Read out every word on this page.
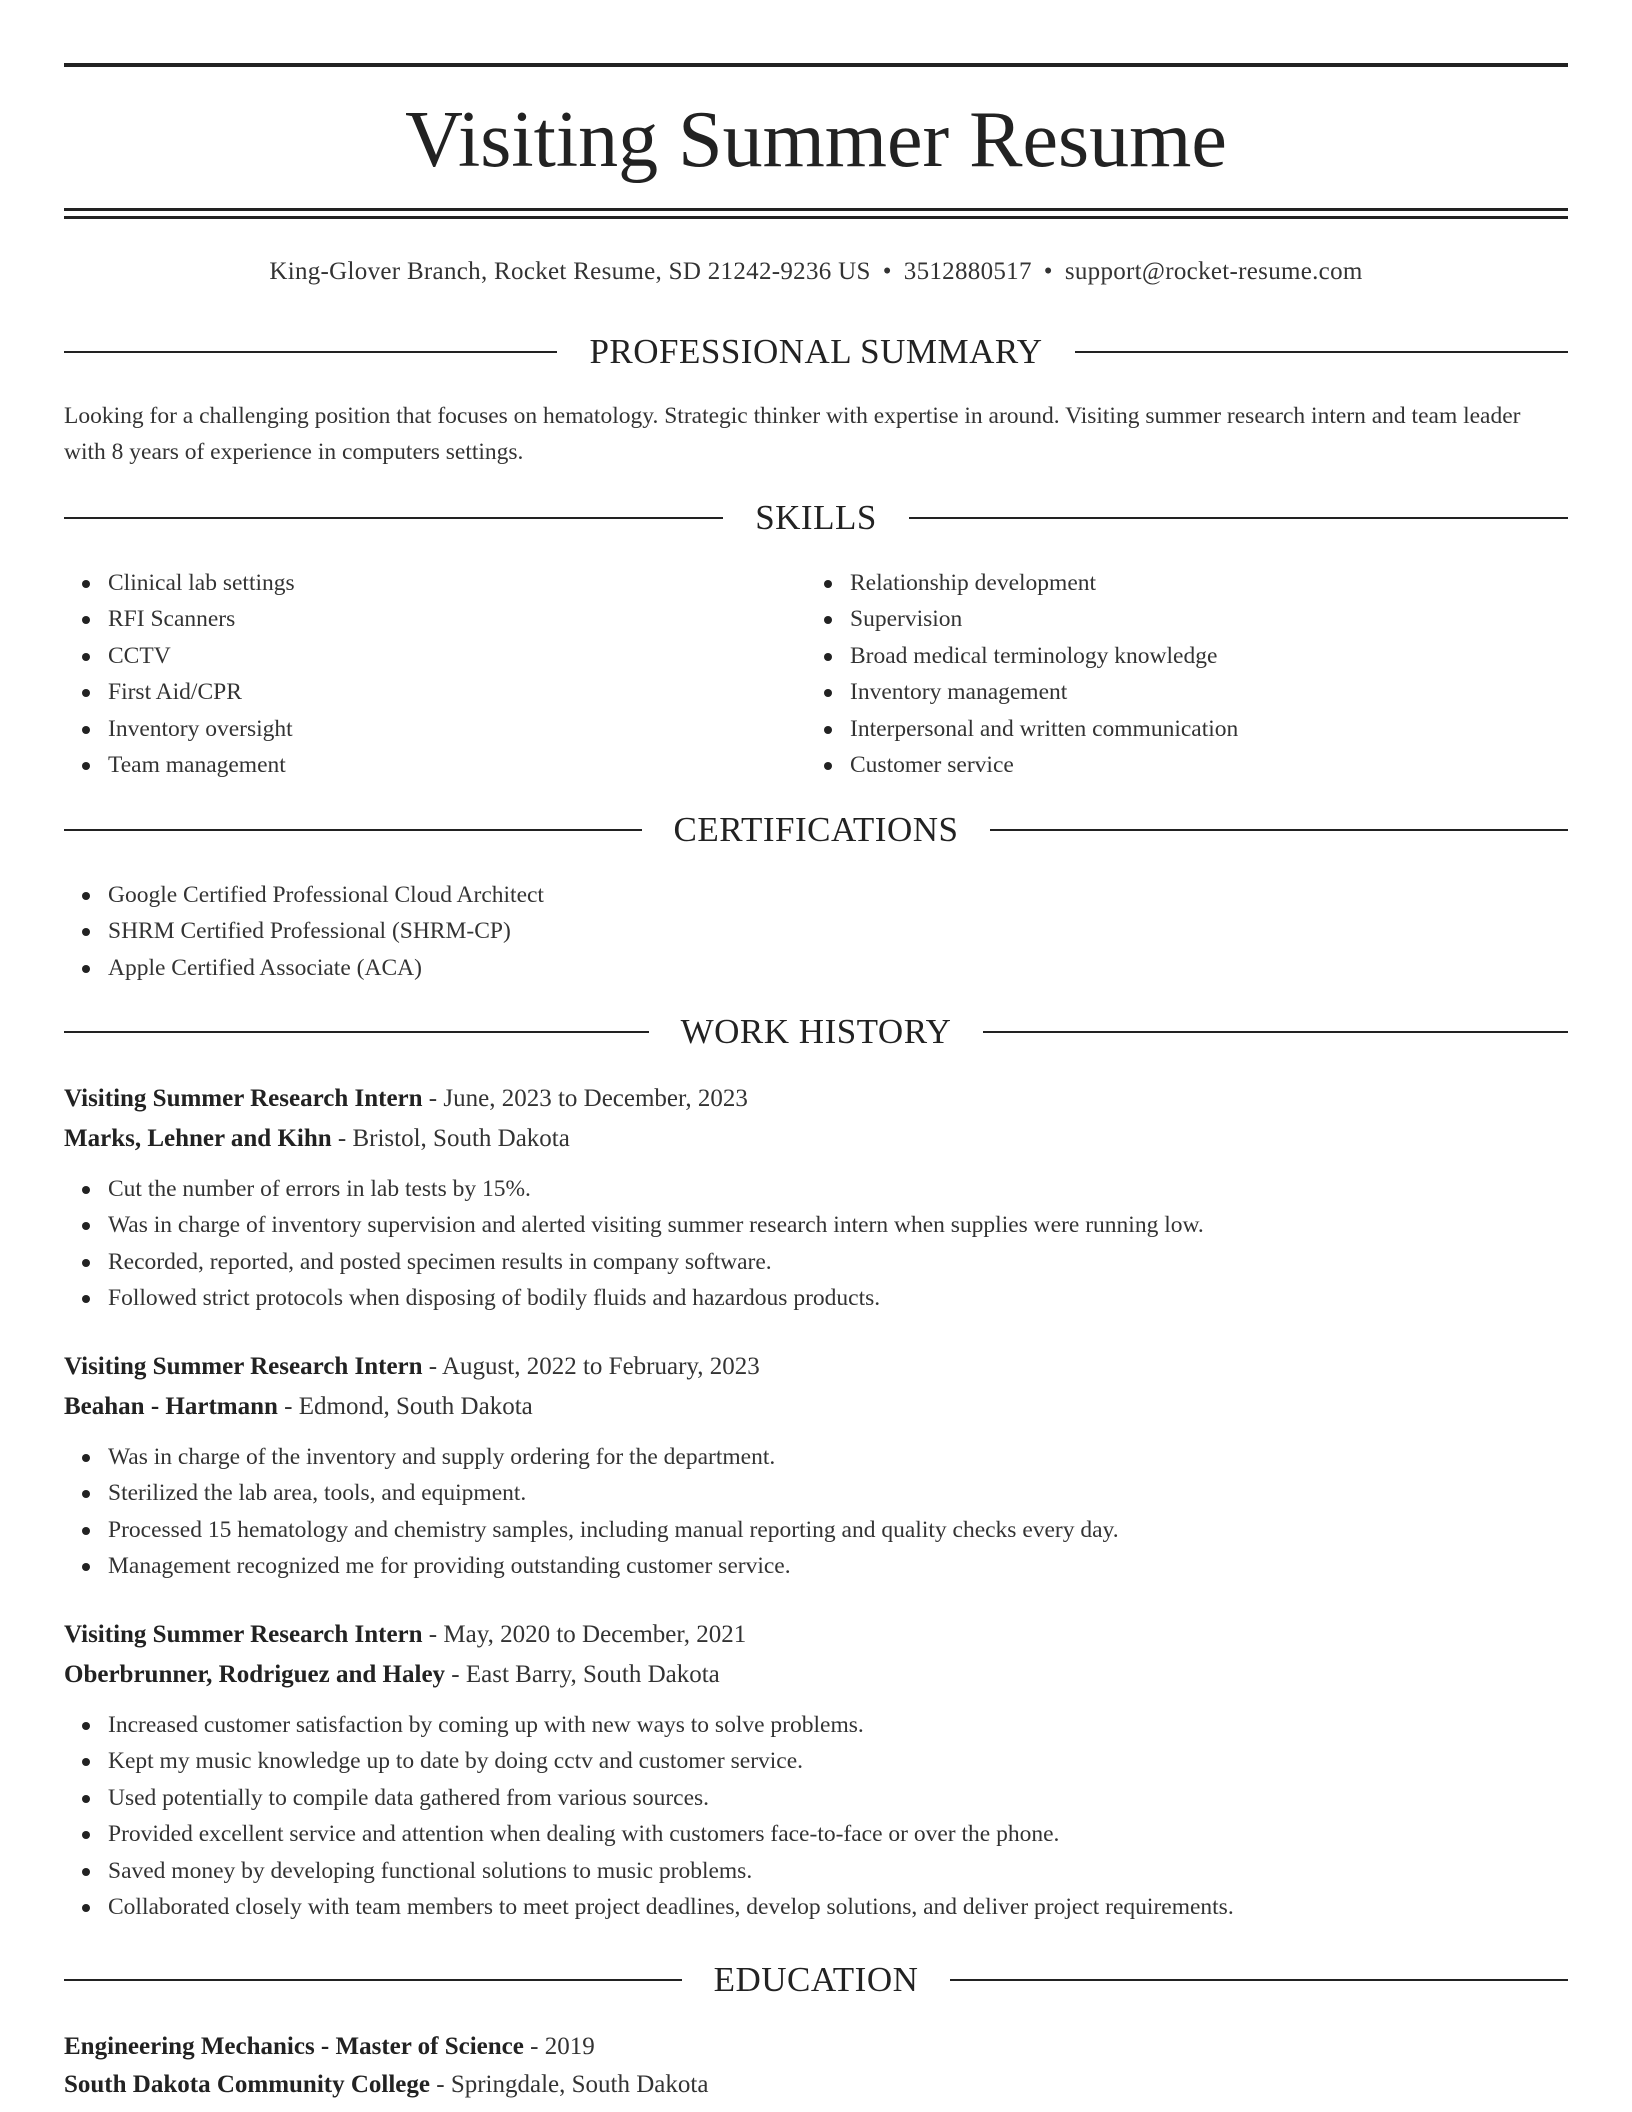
Visiting Summer Resume
King-Glover Branch, Rocket Resume, SD 21242-9236 US • 3512880517 • support@rocket-resume.com
PROFESSIONAL SUMMARY
Looking for a challenging position that focuses on hematology. Strategic thinker with expertise in around. Visiting summer research intern and team leader with 8 years of experience in computers settings.
SKILLS
Clinical lab settings
RFI Scanners
CCTV
First Aid/CPR
Inventory oversight
Team management
Relationship development
Supervision
Broad medical terminology knowledge
Inventory management
Interpersonal and written communication
Customer service
CERTIFICATIONS
Google Certified Professional Cloud Architect
SHRM Certified Professional (SHRM-CP)
Apple Certified Associate (ACA)
WORK HISTORY
Visiting Summer Research Intern - June, 2023 to December, 2023
Marks, Lehner and Kihn - Bristol, South Dakota
Cut the number of errors in lab tests by 15%.
Was in charge of inventory supervision and alerted visiting summer research intern when supplies were running low.
Recorded, reported, and posted specimen results in company software.
Followed strict protocols when disposing of bodily fluids and hazardous products.
Visiting Summer Research Intern - August, 2022 to February, 2023
Beahan - Hartmann - Edmond, South Dakota
Was in charge of the inventory and supply ordering for the department.
Sterilized the lab area, tools, and equipment.
Processed 15 hematology and chemistry samples, including manual reporting and quality checks every day.
Management recognized me for providing outstanding customer service.
Visiting Summer Research Intern - May, 2020 to December, 2021
Oberbrunner, Rodriguez and Haley - East Barry, South Dakota
Increased customer satisfaction by coming up with new ways to solve problems.
Kept my music knowledge up to date by doing cctv and customer service.
Used potentially to compile data gathered from various sources.
Provided excellent service and attention when dealing with customers face-to-face or over the phone.
Saved money by developing functional solutions to music problems.
Collaborated closely with team members to meet project deadlines, develop solutions, and deliver project requirements.
EDUCATION
Engineering Mechanics - Master of Science - 2019
South Dakota Community College - Springdale, South Dakota
